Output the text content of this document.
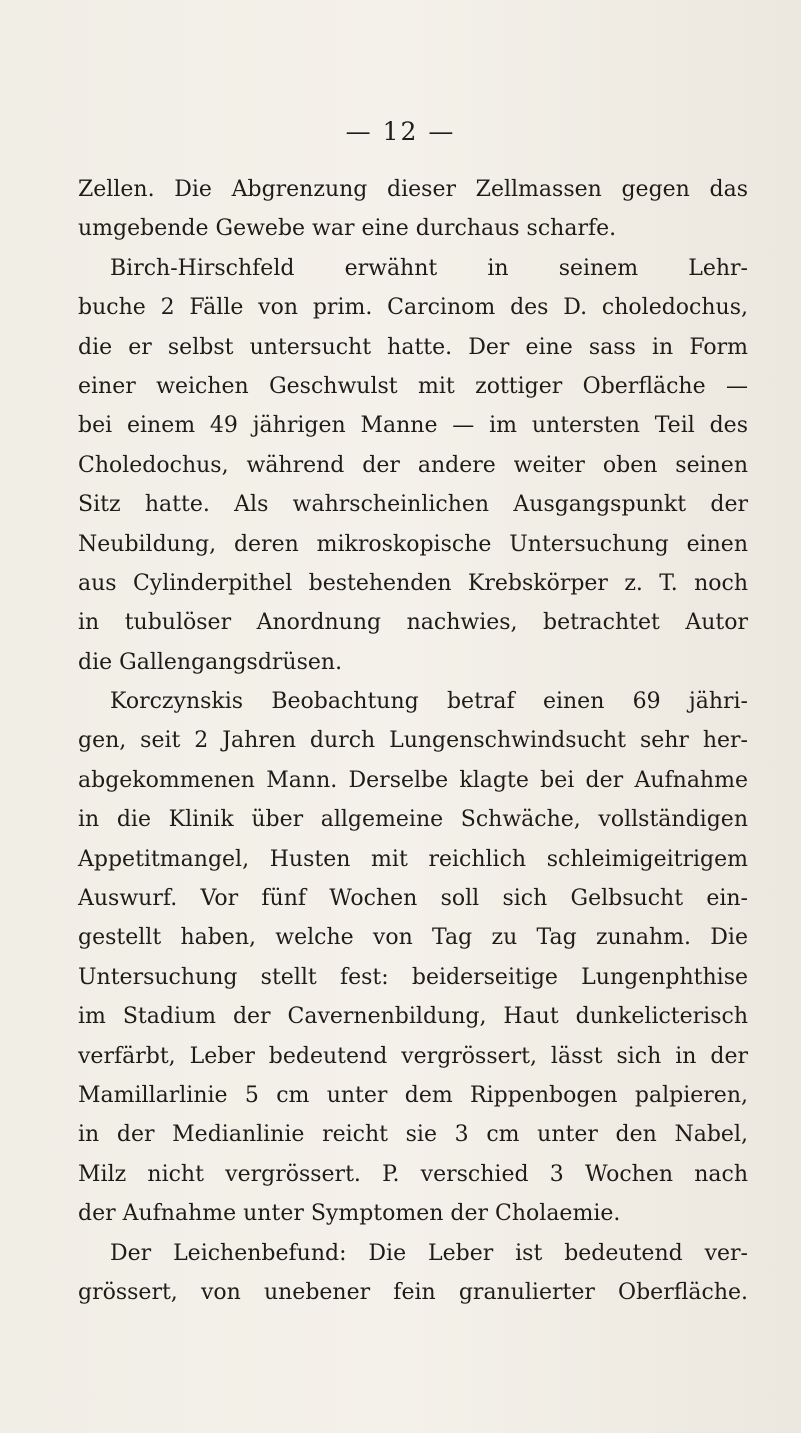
— 12 —
Zellen. Die Abgrenzung dieser Zellmassen gegen das
umgebende Gewebe war eine durchaus scharfe.
Birch-Hirschfeld erwähnt in seinem Lehr-
buche 2 Fälle von prim. Carcinom des D. choledochus,
die er selbst untersucht hatte. Der eine sass in Form
einer weichen Geschwulst mit zottiger Oberfläche —
bei einem 49 jährigen Manne — im untersten Teil des
Choledochus, während der andere weiter oben seinen
Sitz hatte. Als wahrscheinlichen Ausgangspunkt der
Neubildung, deren mikroskopische Untersuchung einen
aus Cylinderpithel bestehenden Krebskörper z. T. noch
in tubulöser Anordnung nachwies, betrachtet Autor
die Gallengangsdrüsen.
Korczynskis Beobachtung betraf einen 69 jähri-
gen, seit 2 Jahren durch Lungenschwindsucht sehr her-
abgekommenen Mann. Derselbe klagte bei der Aufnahme
in die Klinik über allgemeine Schwäche, vollständigen
Appetitmangel, Husten mit reichlich schleimigeitrigem
Auswurf. Vor fünf Wochen soll sich Gelbsucht ein-
gestellt haben, welche von Tag zu Tag zunahm. Die
Untersuchung stellt fest: beiderseitige Lungenphthise
im Stadium der Cavernenbildung, Haut dunkelicterisch
verfärbt, Leber bedeutend vergrössert, lässt sich in der
Mamillarlinie 5 cm unter dem Rippenbogen palpieren,
in der Medianlinie reicht sie 3 cm unter den Nabel,
Milz nicht vergrössert. P. verschied 3 Wochen nach
der Aufnahme unter Symptomen der Cholaemie.
Der Leichenbefund: Die Leber ist bedeutend ver-
grössert, von unebener fein granulierter Oberfläche.
